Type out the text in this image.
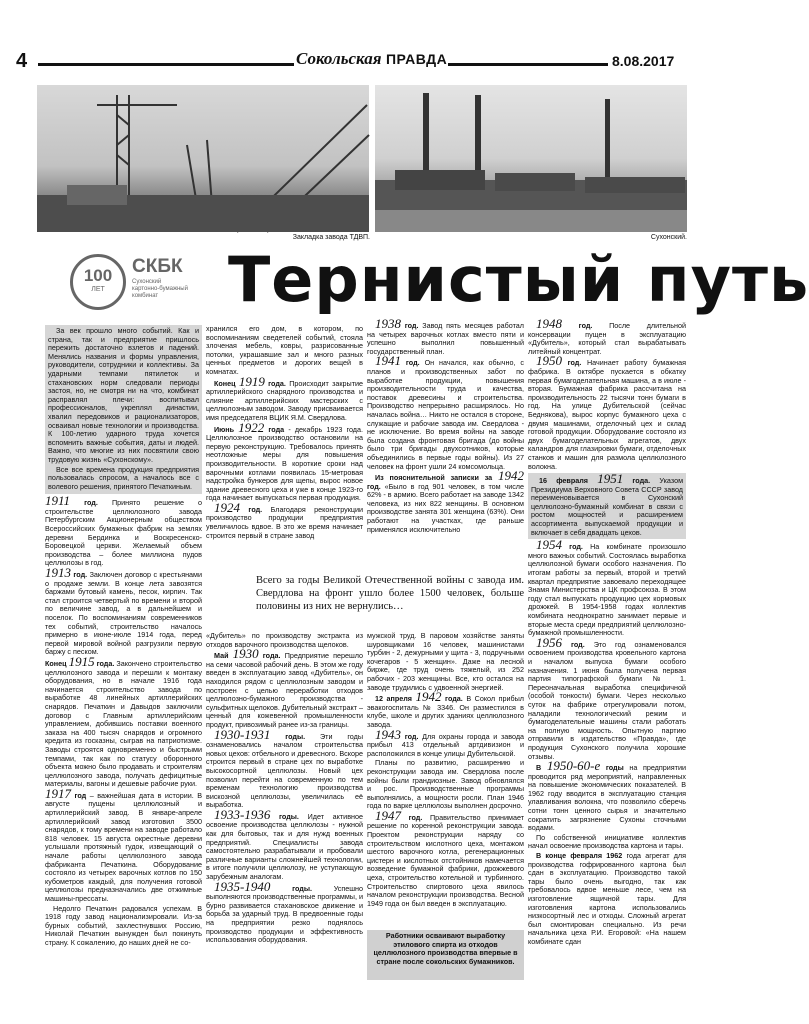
4	Сокольская ПРАВДА	8.08.2017
Закладка завода ТДВП.	Сухонский.
100
ЛЕТ
СКБК
Сухонский
картонно-бумажный
комбинат	Тернистый путь

За век прошло много событий. Как и страна, так и предприятие пришлось пережить достаточно взлетов и падений. Менялись названия и формы управления, руководители, сотрудники и коллективы. За ударными темпами пятилеток и стахановских норм следовали периоды застоя, но, не смотря ни на что, комбинат расправлял плечи: воспитывал профессионалов, укреплял династии, хвалил передовиков и рационализаторов, осваивал новые технологии и производства. К 100-летию ударного труда хочется вспомнить важные события, даты и людей. Важно, что многие из них посвятили свою трудовую жизнь «Сухонскому».

Все все времена продукция предприятия пользовалась спросом, а началось все с волевого решения, принятого Печаткиным.

1911 год. Принято решение о строительстве целлюлозного завода Петербургским Акционерным обществом Всероссийских бумажных фабрик на землях деревни Бердинка и Воскресенско-Боровецкой церкви. Желаемый объем производства – более миллиона пудов целлюлозы в год.

1913 год. Заключен договор с крестьянами о продаже земли. В конце лета завозятся баржами бутовый камень, песок, кирпич. Так стал строится четвертый по времени и второй по величине завод, а в дальнейшем и поселок. По воспоминаниям современников тех событий, строительство началось примерно в июне-июле 1914 года, перед первой мировой войной разгрузили первую баржу с песком.

Конец 1915 года. Закончено строительство целлюлозного завода и перешли к монтажу оборудования, но в начале 1916 года начинается строительство завода по выработке 48 линейных артиллерийских снарядов. Печаткин и Давыдов заключили договор с Главным артиллерийским управлением, добившись поставки военного заказа на 400 тысяч снарядов и огромного кредита из госказны, сыграв на патриотизме. Заводы строятся одновременно и быстрыми темпами, так как по статусу оборонного объекта можно было продавать и строителям целлюлозного завода, получать дефицитные материалы, вагоны и дешевые рабочие руки.

1917 год – важнейшая дата в истории. В августе пущены целлюлозный и артиллерийский завод. В январе-апреле артиллерийский завод изготовил 3500 снарядов, к тому времени на заводе работало 818 человек. 15 августа окрестные деревни услышали протяжный гудок, извещающий о начале работы целлюлозного завода фабриканта Печаткина. Оборудование состояло из четырех варочных котлов по 150 кубометров каждый, для получения готовой целлюлозы предназначались две отжимные машины-прессаты.

Недолго Печаткин радовался успехам. В 1918 году завод национализировали. Из-за бурных событий, захлестнувших Россию, Николай Печаткин вынужден был покинуть страну. К сожалению, до наших дней не со-

хранился его дом, в котором, по воспоминаниям сведетелей событий, стояла злоченая мебель, ковры, разрисованные потолки, украшавшие зал и много разных ценных предметов и дорогих вещей в комнатах.

Конец 1919 года. Происходит закрытие артиллерийского снарядного производства и слияние артиллерийских мастерских с целлюлозным заводом. Заводу присваивается имя председателя ВЦИК Я.М. Свердлова.

Июнь 1922 года - декабрь 1923 года. Целлюлозное производство остановили на первую реконструкцию. Требовалось принять неотложные меры для повышения производительности. В короткие сроки над варочными котлами появилась 15-метровая надстройка бункеров для щепы, вырос новое здание древесного цеха и уже в конце 1923-го года начинает выпускаться первая продукция.

1924 год. Благодаря реконструкции производство продукции предприятия увеличилось вдвое. В это же время начинает строится первый в стране завод

1938 год. Завод пять месяцев работал на четырех варочных котлах вместо пяти и успешно выполнил повышенный государственный план.

1941 год. Он начался, как обычно, с планов и производственных забот по выработке продукции, повышения производительности труда и качества, поставок древесины и строительства. Производство непрерывно расширялось. Но началась война… Никто не остался в стороне, служащие и рабочие завода им. Свердлова - не исключение. Во время войны на заводе была создана фронтовая бригада (до войны было три бригады двухсотников, которые объединились в первые годы войны). Из 27 человек на фронт ушли 24 комсомольца.

Из пояснительной записки за 1942 год. «Было в год 901 человек, в том числе 62% - в армию. Всего работает на заводе 1342 человека, из них 822 женщины. В основном производстве занята 301 женщина (63%). Они работают на участках, где раньше применялся исключительно

Всего за годы Великой Отечественной войны с завода им. Свердлова на фронт ушло более 1500 человек, больше половины из них не вернулись…

«Дубитель» по производству экстракта из отходов варочного производства щелоков.

Май 1930 года. Предприятие перешло на семи часовой рабочий день. В этом же году введен в эксплуатацию завод «Дубитель», он находился рядом с целлюлозным заводом и построен с целью переработки отходов целлюлозно-бумажного производства - сульфитных щелоков. Дубительный экстракт – ценный для кожевенной промышленности продукт, привозимый ранее из-за границы.

1930-1931 годы. Эти годы ознаменовались началом строительства новых цехов: отбельного и древесного. Вскоре строится первый в стране цех по выработке высокосортной целлюлозы. Новый цех позволил перейти на современную по тем временам технологию производства вискозной целлюлозы, увеличилась её выработка.

1933-1936 годы. Идет активное освоение производства целлюлозы - нужной как для бытовых, так и для нужд военных предприятий. Специалисты завода самостоятельно разрабатывали и пробовали различные варианты сложнейшей технологии, в итоге получили целлюлозу, не уступающую зарубежным аналогам.

1935-1940	годы.	Успешно выполняются производственные программы, и бурно развивается стахановское движение и борьба за ударный труд. В предвоенные годы на предприятии резко поднялось производство продукции и эффективность использования оборудования.

мужской труд. В паровом хозяйстве заняты шуровщиками 16 человек, машинистами турбин - 2, дежурными у щита - 3, подручными кочегаров - 5 женщин». Даже на лесной бирже, где труд очень тяжелый, из 252 рабочих - 203 женщины. Все, кто остался на заводе трудились с удвоенной энергией.

12 апреля 1942 года. В Сокол прибыл эвакогоспиталь № 3346. Он разместился в клубе, школе и других зданиях целлюлозного завода.

1943 год. Для охраны города и завода прибыл 413 отдельный артдивизион и расположился в конце улицы Дубительской.

Планы по развитию, расширению и реконструкции завода им. Свердлова после войны были грандиозные. Завод обновлялся и рос. Производственные программы выполнялись, а мощности росли. План 1946 года по варке целлюлозы выполнен досрочно.

1947 год. Правительство принимает решение по коренной реконструкции завода. Проектом реконструкции наряду со строительством кислотного цеха, монтажом шестого варочного котла, регенерационных цистерн и кислотных отстойников намечается возведение бумажной фабрики, дрожжевого цеха, строительство котельной и турбинного. Строительство спиртового цеха явилось началом реконструкции производства. Весной 1949 года он был введен в эксплуатацию.

Работники осваивают выработку этилового спирта из отходов целлюлозного производства впервые в стране после сокольских бумажников.

1948 год. После длительной консервации пущен в эксплуатацию «Дубитель», который стал вырабатывать литейный концентрат.

1950 год. Начинает работу бумажная фабрика. В октябре пускается в обкатку первая бумагоделательная машина, а в июле - вторая. Бумажная фабрика рассчитана на производительность 22 тысячи тонн бумаги в год. На улице Дубительской (сейчас Беднякова), вырос корпус бумажного цеха с двумя машинами, отделочный цех и склад готовой продукции. Оборудование состояло из двух бумагоделательных агрегатов, двух каландров для глазировки бумаги, отделочных станков и машин для размола целлюлозного волокна.

16 февраля 1951 года. Указом Президиума Верховного Совета СССР завод переименовывается в Сухонский целлюлозно-бумажный комбинат в связи с ростом мощностей и расширением ассортимента выпускаемой продукции и включает в себя двадцать цехов.

1954 год. На комбинате произошло много важных событий. Состоялась выработка целлюлозной бумаги особого назначения. По итогам работы за первый, второй и третий квартал предприятие завоевало переходящее Знамя Министерства и ЦК профсоюза. В этом году стал выпускать продукцию цех кормовых дрожжей. В 1954-1958 годах коллектив комбината неоднократно занимает первые и вторые места среди предприятий целлюлозно-бумажной промышленности.

1956 год. Это год ознаменовался освоением производства кровельного картона и началом выпуска бумаги особого назначения. 1 июня была получена первая партия типографской бумаги № 1. Переоначальная выработка специфичной (особой тонкости) бумаги. Через несколько суток на фабрике отрегулировали потом, наладили технологический режим и бумагоделательные машины стали работать на полную мощность. Опытную партию отправили в издательство «Правда», где продукция Сухонского получила хорошие отзывы.

В 1950-60-е годы на предприятии проводится ряд мероприятий, направленных на повышение экономических показателей. В 1962 году вводится в эксплуатацию станция улавливания волокна, что позволило сберечь сотни тонн ценного сырья и значительно сократить загрязнение Сухоны сточными водами.

По собственной инициативе коллектив начал освоение производства картона и тары.

В конце февраля 1962 года агрегат для производства гофрированного картона был сдан в эксплуатацию. Производство такой тары было очень выгодно, так как требовалось вдвое меньше лесе, чем на изготовление ящичной тары. Для изготовления картона использовались низкосортный лес и отходы. Сложный агрегат был смонтирован специально. Из речи начальника цеха Р.И. Егоровой: «На нашем комбинате сдан
